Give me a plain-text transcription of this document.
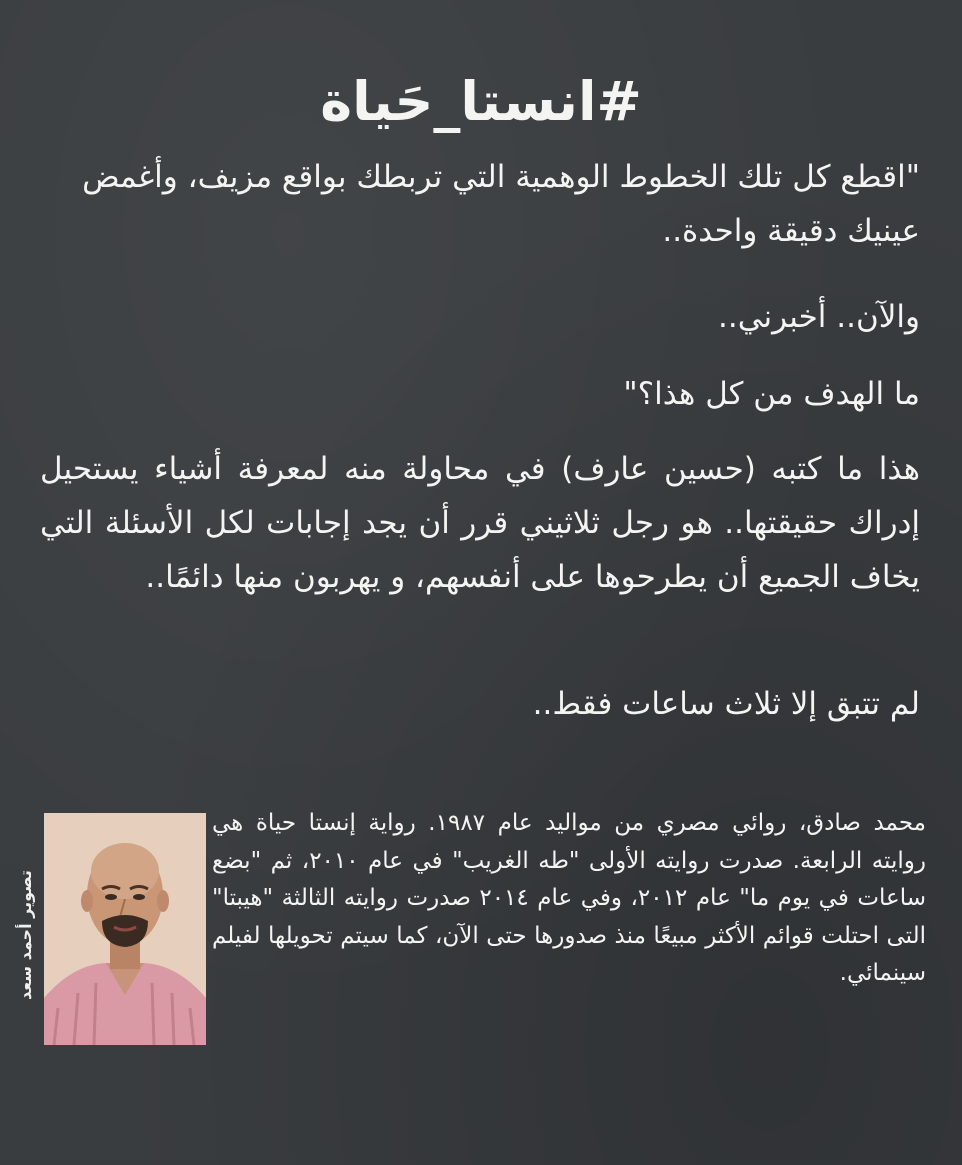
#انستا_حَياة

"اقطع كل تلك الخطوط الوهمية التي تربطك بواقع مزيف، وأغمض عينيك دقيقة واحدة..

والآن.. أخبرني..

ما الهدف من كل هذا؟"

هذا ما كتبه (حسين عارف) في محاولة منه لمعرفة أشياء يستحيل إدراك حقيقتها.. هو رجل ثلاثيني قرر أن يجد إجابات لكل الأسئلة التي يخاف الجميع أن يطرحوها على أنفسهم، و يهربون منها دائمًا..

لم تتبق إلا ثلاث ساعات فقط..

تصوير أحمد سعد

محمد صادق، روائي مصري من مواليد عام ١٩٨٧. رواية إنستا حياة هي روايته الرابعة. صدرت روايته الأولى "طه الغريب" في عام ٢٠١٠، ثم "بضع ساعات في يوم ما" عام ٢٠١٢، وفي عام ٢٠١٤ صدرت روايته الثالثة "هيبتا" التى احتلت قوائم الأكثر مبيعًا منذ صدورها حتى الآن، كما سيتم تحويلها لفيلم سينمائي.
